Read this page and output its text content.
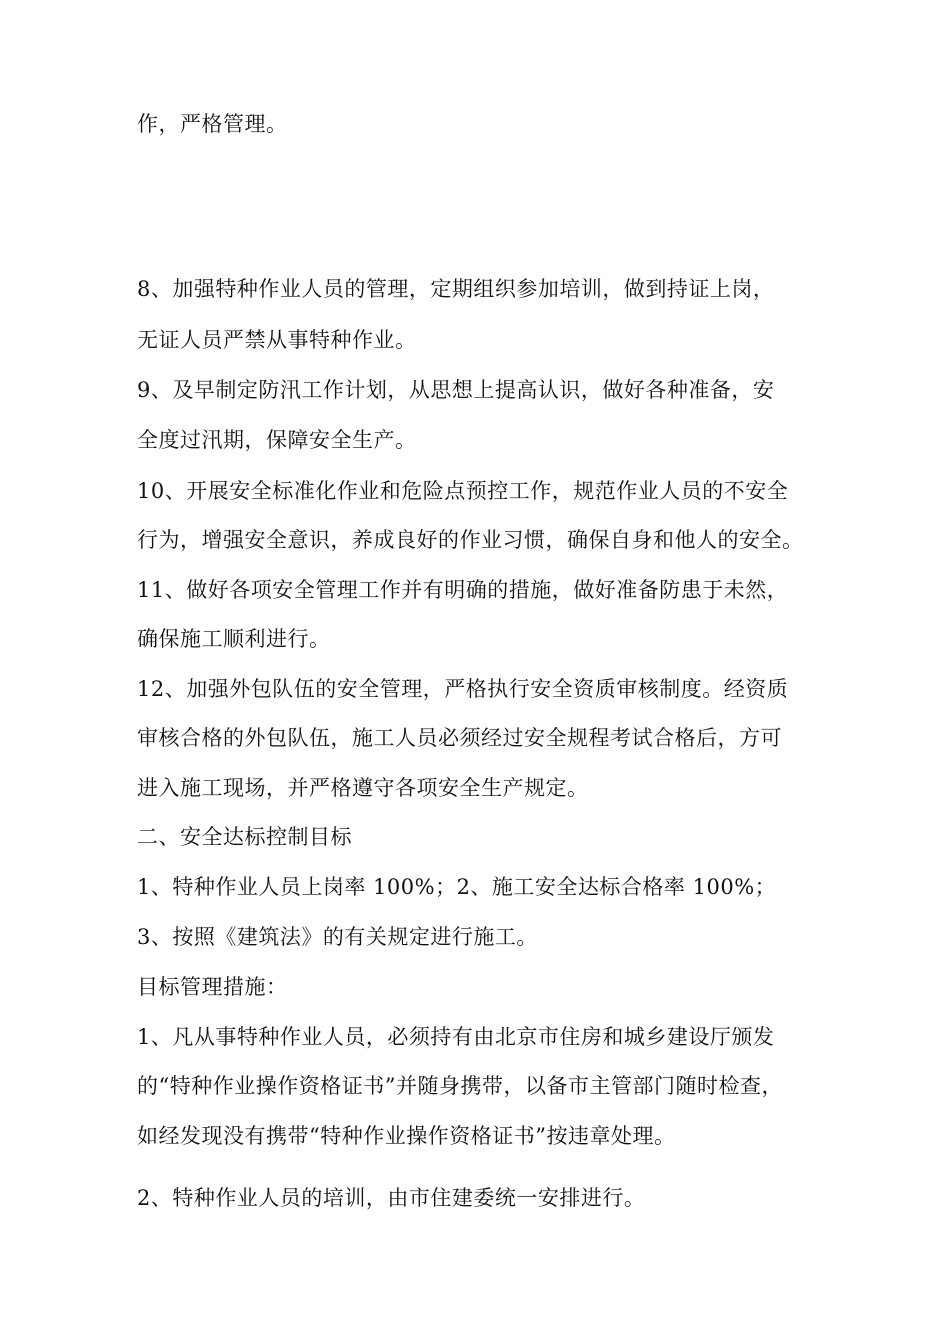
作，严格管理。

8、加强特种作业人员的管理，定期组织参加培训，做到持证上岗，

无证人员严禁从事特种作业。

9、及早制定防汛工作计划，从思想上提高认识，做好各种准备，安

全度过汛期，保障安全生产。

10、开展安全标准化作业和危险点预控工作，规范作业人员的不安全

行为，增强安全意识，养成良好的作业习惯，确保自身和他人的安全。

11、做好各项安全管理工作并有明确的措施，做好准备防患于未然，

确保施工顺利进行。

12、加强外包队伍的安全管理，严格执行安全资质审核制度。经资质

审核合格的外包队伍，施工人员必须经过安全规程考试合格后，方可

进入施工现场，并严格遵守各项安全生产规定。

二、安全达标控制目标

1、特种作业人员上岗率 100%；2、施工安全达标合格率 100%；

3、按照《建筑法》的有关规定进行施工。

目标管理措施：

1、凡从事特种作业人员，必须持有由北京市住房和城乡建设厅颁发

的“特种作业操作资格证书”并随身携带，以备市主管部门随时检查，

如经发现没有携带“特种作业操作资格证书”按违章处理。

2、特种作业人员的培训，由市住建委统一安排进行。
